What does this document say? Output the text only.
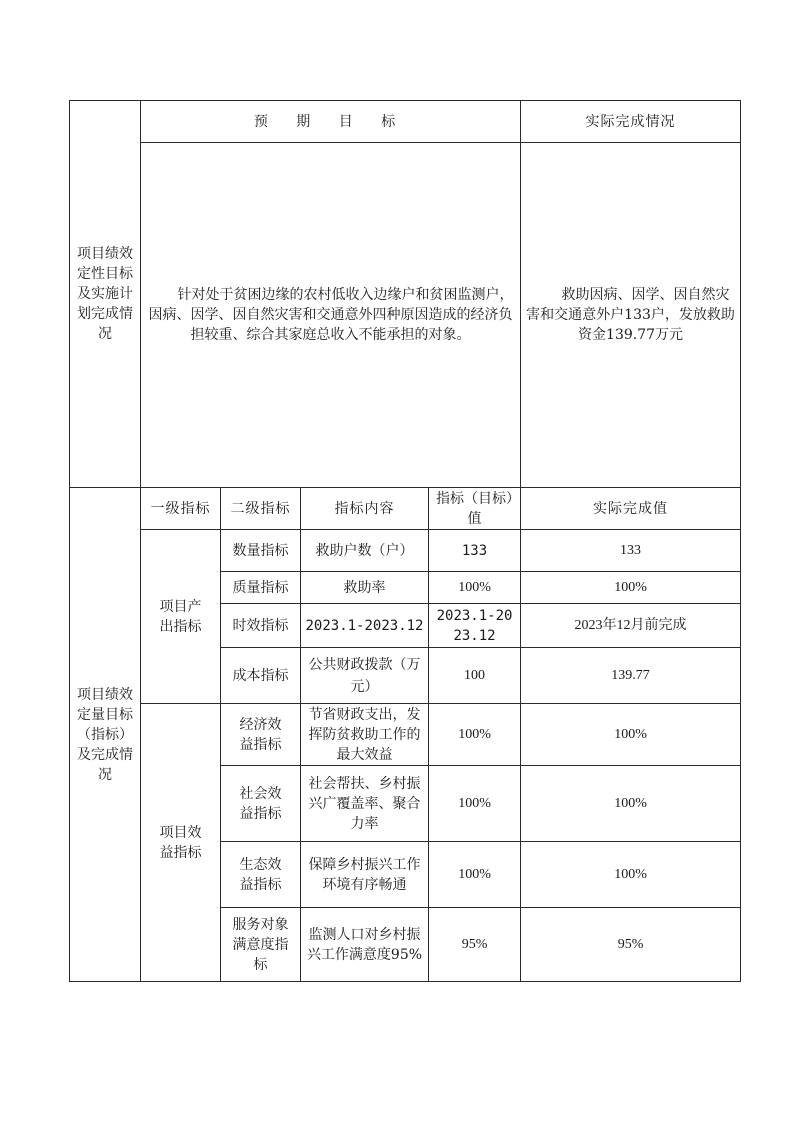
项目绩效定性目标及实施计划完成情况	预 期 目 标				实际完成情况
	针对处于贫困边缘的农村低收入边缘户和贫困监测户，因病、因学、因自然灾害和交通意外四种原因造成的经济负担较重、综合其家庭总收入不能承担的对象。				救助因病、因学、因自然灾害和交通意外户133户，发放救助资金139.77万元
项目绩效定量目标（指标）及完成情况	一级指标	二级指标	指标内容	指标（目标）值	实际完成值
	项目产出指标	数量指标	救助户数（户）	133	133
		质量指标	救助率	100%	100%
		时效指标	2023.1-2023.12	2023.1-2023.12	2023年12月前完成
		成本指标	公共财政拨款（万元）	100	139.77
	项目效益指标	经济效益指标	节省财政支出，发挥防贫救助工作的最大效益	100%	100%
		社会效益指标	社会帮扶、乡村振兴广覆盖率、聚合力率	100%	100%
		生态效益指标	保障乡村振兴工作环境有序畅通	100%	100%
		服务对象满意度指标	监测人口对乡村振兴工作满意度95%	95%	95%
